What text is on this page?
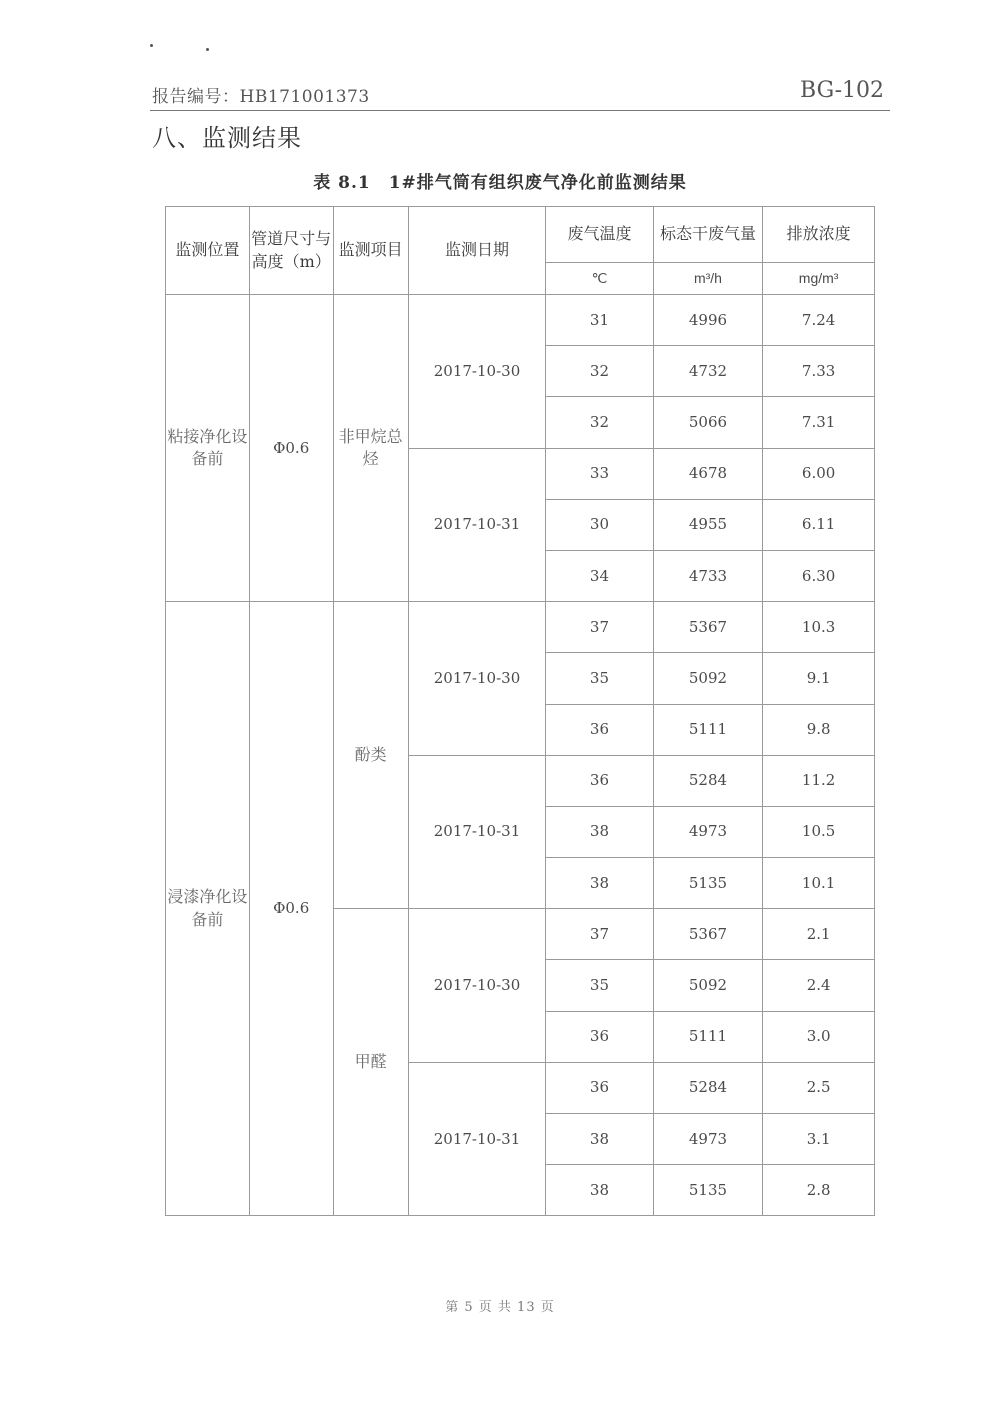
报告编号：HB171001373	BG-102
八、监测结果
表 8.1　1#排气筒有组织废气净化前监测结果
监测位置	管道尺寸与高度（m）	监测项目	监测日期	废气温度	标态干废气量	排放浓度
				℃	m³/h	mg/m³
粘接净化设备前	Φ0.6	非甲烷总烃	2017-10-30	31	4996	7.24
				32	4732	7.33
				32	5066	7.31
			2017-10-31	33	4678	6.00
				30	4955	6.11
				34	4733	6.30
浸漆净化设备前	Φ0.6	酚类	2017-10-30	37	5367	10.3
				35	5092	9.1
				36	5111	9.8
			2017-10-31	36	5284	11.2
				38	4973	10.5
				38	5135	10.1
		甲醛	2017-10-30	37	5367	2.1
				35	5092	2.4
				36	5111	3.0
			2017-10-31	36	5284	2.5
				38	4973	3.1
				38	5135	2.8
第 5 页 共 13 页
